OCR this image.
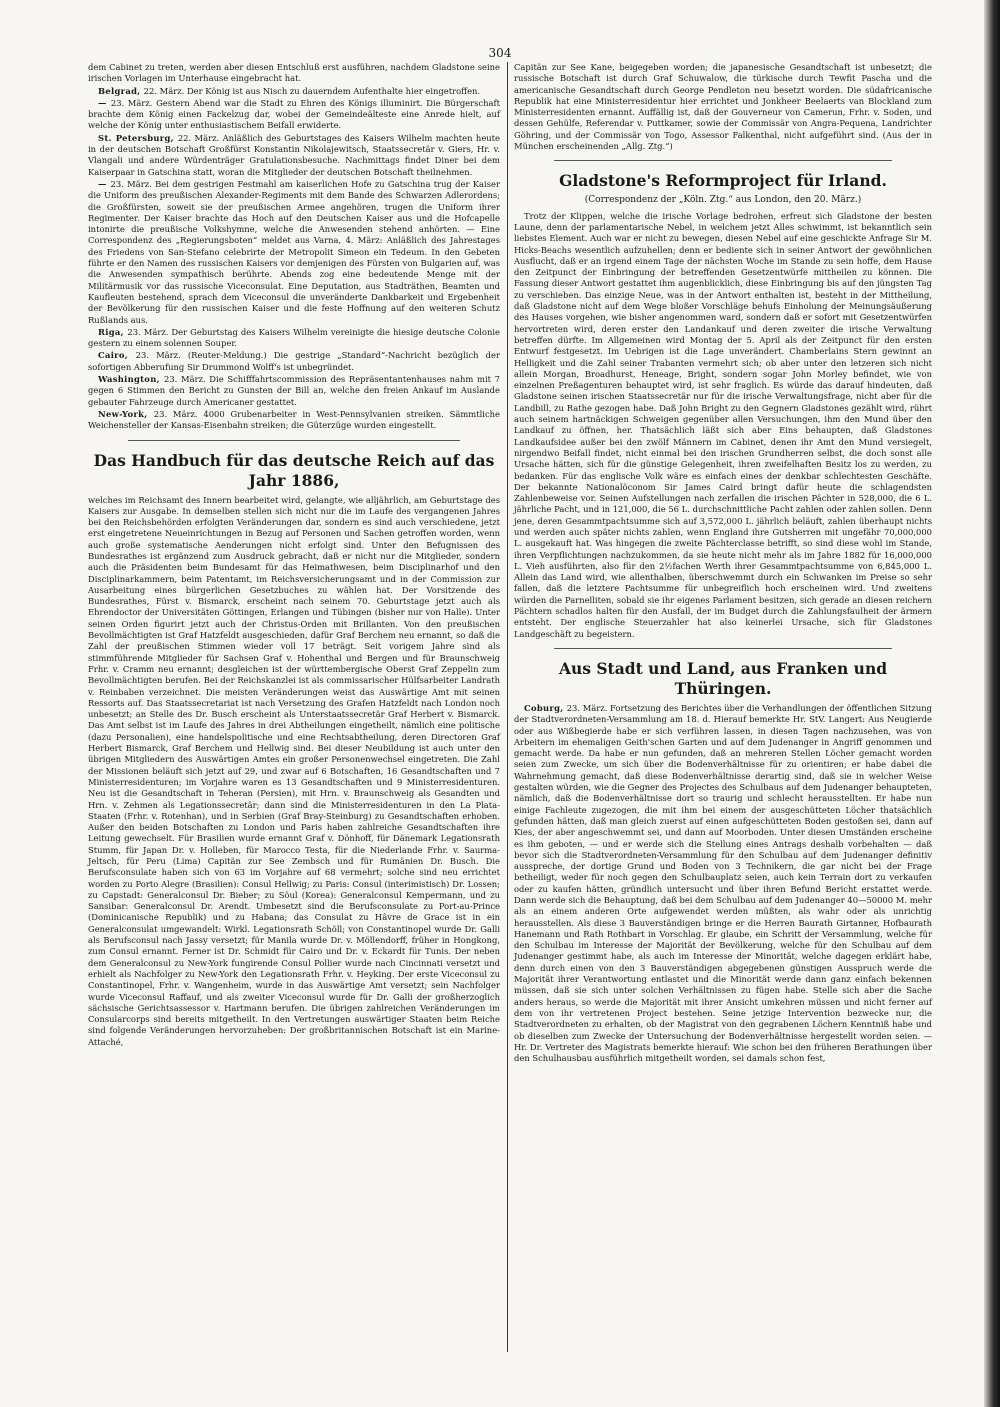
304

dem Cabinet zu treten, werden aber diesen Entschluß erst ausführen, nachdem Gladstone seine irischen Vorlagen im Unterhause eingebracht hat.

Belgrad, 22. März. Der König ist aus Nisch zu dauerndem Aufenthalte hier eingetroffen.

— 23. März. Gestern Abend war die Stadt zu Ehren des Königs illuminirt. Die Bürgerschaft brachte dem König einen Fackelzug dar, wobei der Gemeindeälteste eine Anrede hielt, auf welche der König unter enthusiastischem Beifall erwiderte.

St. Petersburg, 22. März. Anläßlich des Geburtstages des Kaisers Wilhelm machten heute in der deutschen Botschaft Großfürst Konstantin Nikolajewitsch, Staatssecretär v. Giers, Hr. v. Vlangali und andere Würdenträger Gratulationsbesuche. Nachmittags findet Diner bei dem Kaiserpaar in Gatschina statt, woran die Mitglieder der deutschen Botschaft theilnehmen.

— 23. März. Bei dem gestrigen Festmahl am kaiserlichen Hofe zu Gatschina trug der Kaiser die Uniform des preußischen Alexander-Regiments mit dem Bande des Schwarzen Adlerordens; die Großfürsten, soweit sie der preußischen Armee angehören, trugen die Uniform ihrer Regimenter. Der Kaiser brachte das Hoch auf den Deutschen Kaiser aus und die Hofcapelle intonirte die preußische Volkshymne, welche die Anwesenden stehend anhörten. — Eine Correspondenz des „Regierungsboten“ meldet aus Varna, 4. März: Anläßlich des Jahrestages des Friedens von San-Stefano celebrirte der Metropolit Simeon ein Tedeum. In den Gebeten führte er den Namen des russischen Kaisers vor demjenigen des Fürsten von Bulgarien auf, was die Anwesenden sympathisch berührte. Abends zog eine bedeutende Menge mit der Militärmusik vor das russische Viceconsulat. Eine Deputation, aus Stadträthen, Beamten und Kaufleuten bestehend, sprach dem Viceconsul die unveränderte Dankbarkeit und Ergebenheit der Bevölkerung für den russischen Kaiser und die feste Hoffnung auf den weiteren Schutz Rußlands aus.

Riga, 23. März. Der Geburtstag des Kaisers Wilhelm vereinigte die hiesige deutsche Colonie gestern zu einem solennen Souper.

Cairo, 23. März. (Reuter-Meldung.) Die gestrige „Standard“-Nachricht bezüglich der sofortigen Abberufung Sir Drummond Wolff's ist unbegründet.

Washington, 23. März. Die Schifffahrtscommission des Repräsentantenhauses nahm mit 7 gegen 6 Stimmen den Bericht zu Gunsten der Bill an, welche den freien Ankauf im Auslande gebauter Fahrzeuge durch Americaner gestattet.

New-York, 23. März. 4000 Grubenarbeiter in West-Pennsylvanien streiken. Sämmtliche Weichensteller der Kansas-Eisenbahn streiken; die Güterzüge wurden eingestellt.

Das Handbuch für das deutsche Reich auf das Jahr 1886,

welches im Reichsamt des Innern bearbeitet wird, gelangte, wie alljährlich, am Geburtstage des Kaisers zur Ausgabe. In demselben stellen sich nicht nur die im Laufe des vergangenen Jahres bei den Reichsbehörden erfolgten Veränderungen dar, sondern es sind auch verschiedene, jetzt erst eingetretene Neueinrichtungen in Bezug auf Personen und Sachen getroffen worden, wenn auch große systematische Aenderungen nicht erfolgt sind. Unter den Befugnissen des Bundesrathes ist ergänzend zum Ausdruck gebracht, daß er nicht nur die Mitglieder, sondern auch die Präsidenten beim Bundesamt für das Heimathwesen, beim Disciplinarhof und den Disciplinarkammern, beim Patentamt, im Reichsversicherungsamt und in der Commission zur Ausarbeitung eines bürgerlichen Gesetzbuches zu wählen hat. Der Vorsitzende des Bundesrathes, Fürst v. Bismarck, erscheint nach seinem 70. Geburtstage jetzt auch als Ehrendoctor der Universitäten Göttingen, Erlangen und Tübingen (bisher nur von Halle). Unter seinen Orden figurirt jetzt auch der Christus-Orden mit Brillanten. Von den preußischen Bevollmächtigten ist Graf Hatzfeldt ausgeschieden, dafür Graf Berchem neu ernannt, so daß die Zahl der preußischen Stimmen wieder voll 17 beträgt. Seit vorigem Jahre sind als stimmführende Mitglieder für Sachsen Graf v. Hohenthal und Bergen und für Braunschweig Frhr. v. Cramm neu ernannt; desgleichen ist der württembergische Oberst Graf Zeppelin zum Bevollmächtigten berufen. Bei der Reichskanzlei ist als commissarischer Hülfsarbeiter Landrath v. Reinbaben verzeichnet. Die meisten Veränderungen weist das Auswärtige Amt mit seinen Ressorts auf. Das Staatssecretariat ist nach Versetzung des Grafen Hatzfeldt nach London noch unbesetzt; an Stelle des Dr. Busch erscheint als Unterstaatssecretär Graf Herbert v. Bismarck. Das Amt selbst ist im Laufe des Jahres in drei Abtheilungen eingetheilt, nämlich eine politische (dazu Personalien), eine handelspolitische und eine Rechtsabtheilung, deren Directoren Graf Herbert Bismarck, Graf Berchem und Hellwig sind. Bei dieser Neubildung ist auch unter den übrigen Mitgliedern des Auswärtigen Amtes ein großer Personenwechsel eingetreten. Die Zahl der Missionen beläuft sich jetzt auf 29, und zwar auf 6 Botschaften, 16 Gesandtschaften und 7 Ministerresidenturen; im Vorjahre waren es 13 Gesandtschaften und 9 Ministerresidenturen. Neu ist die Gesandtschaft in Teheran (Persien), mit Hrn. v. Braunschweig als Gesandten und Hrn. v. Zehmen als Legationssecretär; dann sind die Ministerresidenturen in den La Plata-Staaten (Frhr. v. Rotenhan), und in Serbien (Graf Bray-Steinburg) zu Gesandtschaften erhoben. Außer den beiden Botschaften zu London und Paris haben zahlreiche Gesandtschaften ihre Leitung gewechselt. Für Brasilien wurde ernannt Graf v. Dönhoff, für Dänemark Legationsrath Stumm, für Japan Dr. v. Holleben, für Marocco Testa, für die Niederlande Frhr. v. Saurma-Jeltsch, für Peru (Lima) Capitän zur See Zembsch und für Rumänien Dr. Busch. Die Berufsconsulate haben sich von 63 im Vorjahre auf 68 vermehrt; solche sind neu errichtet worden zu Porto Alegre (Brasilien): Consul Hellwig; zu Paris: Consul (interimistisch) Dr. Lossen; zu Capstadt: Generalconsul Dr. Bieber; zu Söul (Korea): Generalconsul Kempermann, und zu Sansibar: Generalconsul Dr. Arendt. Umbesetzt sind die Berufsconsulate zu Port-au-Prince (Dominicanische Republik) und zu Habana; das Consulat zu Hâvre de Grace ist in ein Generalconsulat umgewandelt: Wirkl. Legationsrath Schöll; von Constantinopel wurde Dr. Galli als Berufsconsul nach Jassy versetzt; für Manila wurde Dr. v. Möllendorff, früher in Hongkong, zum Consul ernannt. Ferner ist Dr. Schmidt für Cairo und Dr. v. Eckardt für Tunis. Der neben dem Generalconsul zu New-York fungirende Consul Pollier wurde nach Cincinnati versetzt und erhielt als Nachfolger zu New-York den Legationsrath Frhr. v. Heyking. Der erste Viceconsul zu Constantinopel, Frhr. v. Wangenheim, wurde in das Auswärtige Amt versetzt; sein Nachfolger wurde Viceconsul Raffauf, und als zweiter Viceconsul wurde für Dr. Galli der großherzoglich sächsische Gerichtsassessor v. Hartmann berufen. Die übrigen zahlreichen Veränderungen im Consularcorps sind bereits mitgetheilt. In den Vertretungen auswärtiger Staaten beim Reiche sind folgende Veränderungen hervorzuheben: Der großbritannischen Botschaft ist ein Marine-Attaché,

Capitän zur See Kane, beigegeben worden; die japanesische Gesandtschaft ist unbesetzt; die russische Botschaft ist durch Graf Schuwalow, die türkische durch Tewfit Pascha und die americanische Gesandtschaft durch George Pendleton neu besetzt worden. Die südafricanische Republik hat eine Ministerresidentur hier errichtet und Jonkheer Beelaerts van Blockland zum Ministerresidenten ernannt. Auffällig ist, daß der Gouverneur von Camerun, Frhr. v. Soden, und dessen Gehülfe, Referendar v. Puttkamer, sowie der Commissär von Angra-Pequena, Landrichter Göhring, und der Commissär von Togo, Assessor Falkenthal, nicht aufgeführt sind. (Aus der in München erscheinenden „Allg. Ztg.“)

Gladstone's Reformproject für Irland.
(Correspondenz der „Köln. Ztg.“ aus London, den 20. März.)

Trotz der Klippen, welche die irische Vorlage bedrohen, erfreut sich Gladstone der besten Laune, denn der parlamentarische Nebel, in welchem jetzt Alles schwimmt, ist bekanntlich sein liebstes Element. Auch war er nicht zu bewegen, diesen Nebel auf eine geschickte Anfrage Sir M. Hicks-Beachs wesentlich aufzuhellen; denn er bediente sich in seiner Antwort der gewöhnlichen Ausflucht, daß er an irgend einem Tage der nächsten Woche im Stande zu sein hoffe, dem Hause den Zeitpunct der Einbringung der betreffenden Gesetzentwürfe mittheilen zu können. Die Fassung dieser Antwort gestattet ihm augenblicklich, diese Einbringung bis auf den jüngsten Tag zu verschieben. Das einzige Neue, was in der Antwort enthalten ist, besteht in der Mittheilung, daß Gladstone nicht auf dem Wege bloßer Vorschläge behufs Einholung der Meinungsäußerung des Hauses vorgehen, wie bisher angenommen ward, sondern daß er sofort mit Gesetzentwürfen hervortreten wird, deren erster den Landankauf und deren zweiter die irische Verwaltung betreffen dürfte. Im Allgemeinen wird Montag der 5. April als der Zeitpunct für den ersten Entwurf festgesetzt. Im Uebrigen ist die Lage unverändert. Chamberlains Stern gewinnt an Helligkeit und die Zahl seiner Trabanten vermehrt sich; ob aber unter den letzeren sich nicht allein Morgan, Broadhurst, Heneage, Bright, sondern sogar John Morley befindet, wie von einzelnen Preßagenturen behauptet wird, ist sehr fraglich. Es würde das darauf hindeuten, daß Gladstone seinen irischen Staatssecretär nur für die irische Verwaltungsfrage, nicht aber für die Landbill, zu Rathe gezogen habe. Daß John Bright zu den Gegnern Gladstones gezählt wird, rührt auch seinem hartnäckigen Schweigen gegenüber allen Versuchungen, ihm den Mund über den Landkauf zu öffnen, her. Thatsächlich läßt sich aber Eins behaupten, daß Gladstones Landkaufsidee außer bei den zwölf Männern im Cabinet, denen ihr Amt den Mund versiegelt, nirgendwo Beifall findet, nicht einmal bei den irischen Grundherren selbst, die doch sonst alle Ursache hätten, sich für die günstige Gelegenheit, ihren zweifelhaften Besitz los zu werden, zu bedanken. Für das englische Volk wäre es einfach eines der denkbar schlechtesten Geschäfte. Der bekannte Nationalöconom Sir James Caird bringt dafür heute die schlagendsten Zahlenbeweise vor. Seinen Aufstellungen nach zerfallen die irischen Pächter in 528,000, die 6 L. jährliche Pacht, und in 121,000, die 56 L. durchschnittliche Pacht zahlen oder zahlen sollen. Denn jene, deren Gesammtpachtsumme sich auf 3,572,000 L. jährlich beläuft, zahlen überhaupt nichts und werden auch später nichts zahlen, wenn England ihre Gutsherren mit ungefähr 70,000,000 L. ausgekauft hat. Was hingegen die zweite Pächterclasse betrifft, so sind diese wohl im Stande, ihren Verpflichtungen nachzukommen, da sie heute nicht mehr als im Jahre 1882 für 16,000,000 L. Vieh ausführten, also für den 2½fachen Werth ihrer Gesammtpachtsumme von 6,845,000 L. Allein das Land wird, wie allenthalben, überschwemmt durch ein Schwanken im Preise so sehr fallen, daß die letztere Pachtsumme für unbegreiflich hoch erscheinen wird. Und zweitens würden die Parnelliten, sobald sie ihr eigenes Parlament besitzen, sich gerade an diesen reichern Pächtern schadlos halten für den Ausfall, der im Budget durch die Zahlungsfaulheit der ärmern entsteht. Der englische Steuerzahler hat also keinerlei Ursache, sich für Gladstones Landgeschäft zu begeistern.

Aus Stadt und Land, aus Franken und Thüringen.

Coburg, 23. März. Fortsetzung des Berichtes über die Verhandlungen der öffentlichen Sitzung der Stadtverordneten-Versammlung am 18. d. Hierauf bemerkte Hr. StV. Langert: Aus Neugierde oder aus Wißbegierde habe er sich verführen lassen, in diesen Tagen nachzusehen, was von Arbeitern im ehemaligen Geith'schen Garten und auf dem Judenanger in Angriff genommen und gemacht werde. Da habe er nun gefunden, daß an mehreren Stellen Löcher gemacht worden seien zum Zwecke, um sich über die Bodenverhältnisse für zu orientiren; er habe dabei die Wahrnehmung gemacht, daß diese Bodenverhältnisse derartig sind, daß sie in welcher Weise gestalten würden, wie die Gegner des Projectes des Schulbaus auf dem Judenanger behaupteten, nämlich, daß die Bodenverhältnisse dort so traurig und schlecht herausstellten. Er habe nun einige Fachleute zugezogen, die mit ihm bei einem der ausgeschütteten Löcher thatsächlich gefunden hätten, daß man gleich zuerst auf einen aufgeschütteten Boden gestoßen sei, dann auf Kies, der aber angeschwemmt sei, und dann auf Moorboden. Unter diesen Umständen erscheine es ihm geboten, — und er werde sich die Stellung eines Antrags deshalb vorbehalten — daß bevor sich die Stadtverordneten-Versammlung für den Schulbau auf dem Judenanger definitiv ausspreche, der dortige Grund und Boden von 3 Technikern, die gar nicht bei der Frage betheiligt, weder für noch gegen den Schulbauplatz seien, auch kein Terrain dort zu verkaufen oder zu kaufen hätten, gründlich untersucht und über ihren Befund Bericht erstattet werde. Dann werde sich die Behauptung, daß bei dem Schulbau auf dem Judenanger 40—50000 M. mehr als an einem anderen Orte aufgewendet werden müßten, als wahr oder als unrichtig herausstellen. Als diese 3 Bauverständigen bringe er die Herren Baurath Girtanner, Hofbaurath Hanemann und Rath Rothbart in Vorschlag. Er glaube, ein Schritt der Versammlung, welche für den Schulbau im Interesse der Majorität der Bevölkerung, welche für den Schulbau auf dem Judenanger gestimmt habe, als auch im Interesse der Minorität, welche dagegen erklärt habe, denn durch einen von den 3 Bauverständigen abgegebenen günstigen Ausspruch werde die Majorität ihrer Verantwortung entlastet und die Minorität werde dann ganz einfach bekennen müssen, daß sie sich unter solchen Verhältnissen zu fügen habe. Stelle sich aber die Sache anders heraus, so werde die Majorität mit ihrer Ansicht umkehren müssen und nicht ferner auf dem von ihr vertretenen Project bestehen. Seine jetzige Intervention bezwecke nur, die Stadtverordneten zu erhalten, ob der Magistrat von den gegrabenen Löchern Kenntniß habe und ob dieselben zum Zwecke der Untersuchung der Bodenverhältnisse hergestellt worden seien. — Hr. Dr. Vertreter des Magistrats bemerkte hierauf: Wie schon bei den früheren Berathungen über den Schulhausbau ausführlich mitgetheilt worden, sei damals schon fest,
